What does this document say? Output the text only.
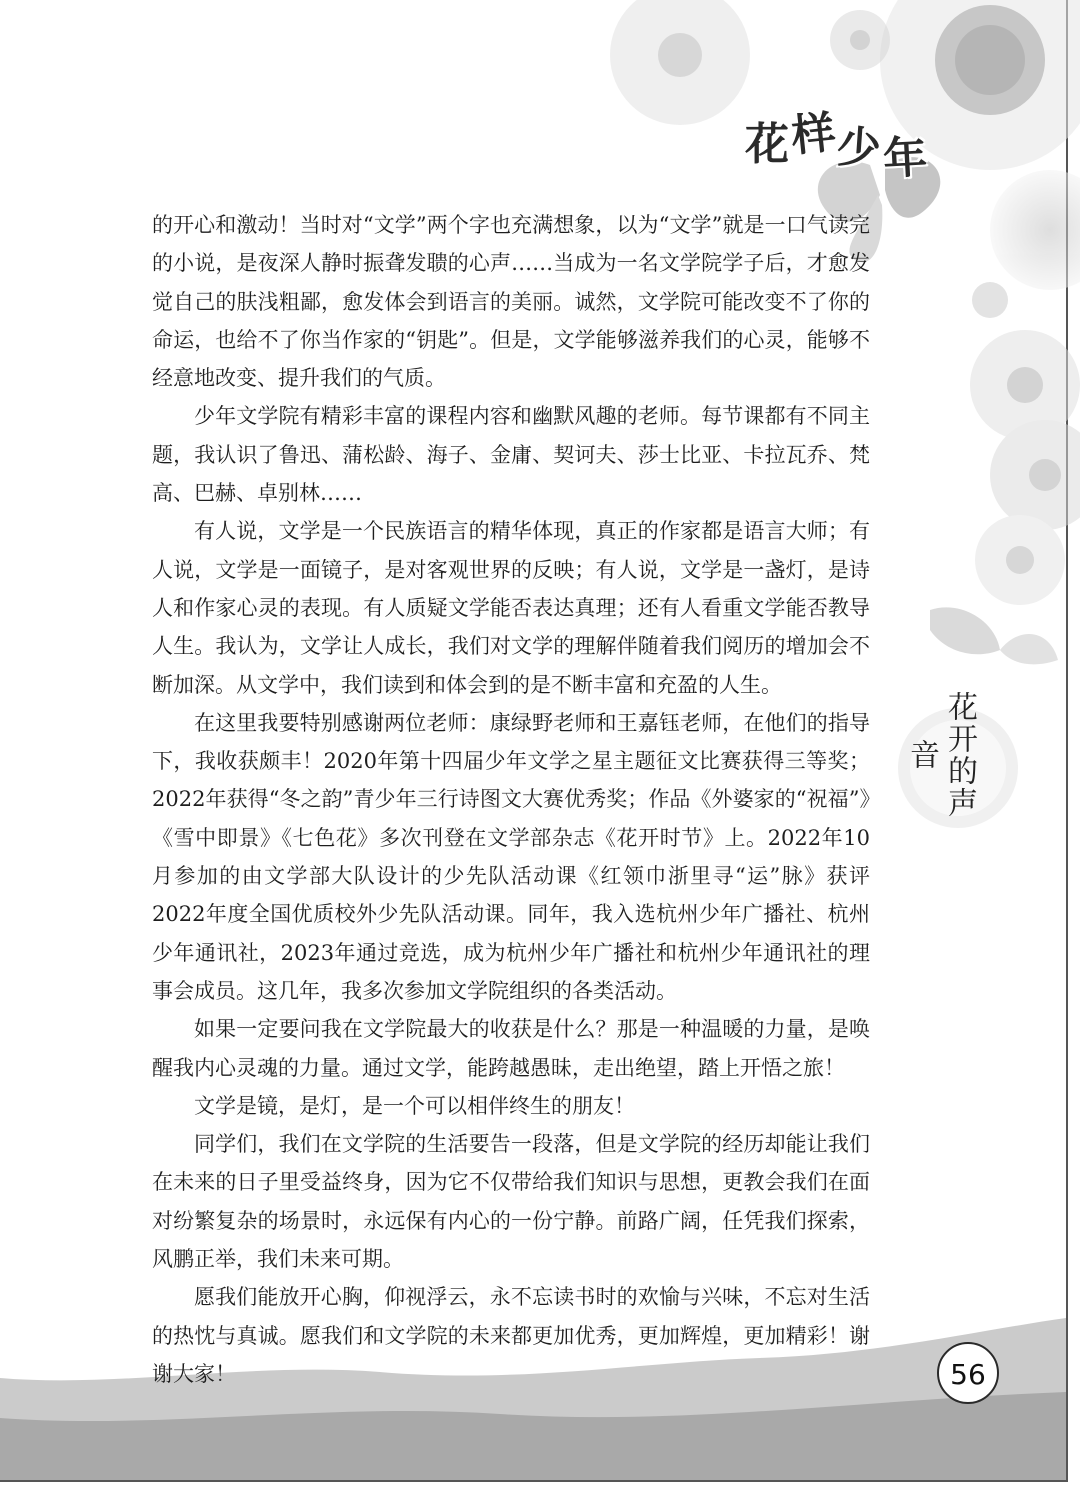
花样少年
花开的声音

的开心和激动！当时对“文学”两个字也充满想象，以为“文学”就是一口气读完的小说，是夜深人静时振聋发聩的心声……当成为一名文学院学子后，才愈发觉自己的肤浅粗鄙，愈发体会到语言的美丽。诚然，文学院可能改变不了你的命运，也给不了你当作家的“钥匙”。但是，文学能够滋养我们的心灵，能够不经意地改变、提升我们的气质。

少年文学院有精彩丰富的课程内容和幽默风趣的老师。每节课都有不同主题，我认识了鲁迅、蒲松龄、海子、金庸、契诃夫、莎士比亚、卡拉瓦乔、梵高、巴赫、卓别林……

有人说，文学是一个民族语言的精华体现，真正的作家都是语言大师；有人说，文学是一面镜子，是对客观世界的反映；有人说，文学是一盏灯，是诗人和作家心灵的表现。有人质疑文学能否表达真理；还有人看重文学能否教导人生。我认为，文学让人成长，我们对文学的理解伴随着我们阅历的增加会不断加深。从文学中，我们读到和体会到的是不断丰富和充盈的人生。

在这里我要特别感谢两位老师：康绿野老师和王嘉钰老师，在他们的指导下，我收获颇丰！2020年第十四届少年文学之星主题征文比赛获得三等奖；2022年获得“冬之韵”青少年三行诗图文大赛优秀奖；作品《外婆家的“祝福”》《雪中即景》《七色花》多次刊登在文学部杂志《花开时节》上。2022年10月参加的由文学部大队设计的少先队活动课《红领巾浙里寻“运”脉》获评2022年度全国优质校外少先队活动课。同年，我入选杭州少年广播社、杭州少年通讯社，2023年通过竞选，成为杭州少年广播社和杭州少年通讯社的理事会成员。这几年，我多次参加文学院组织的各类活动。

如果一定要问我在文学院最大的收获是什么？那是一种温暖的力量，是唤醒我内心灵魂的力量。通过文学，能跨越愚昧，走出绝望，踏上开悟之旅！

文学是镜，是灯，是一个可以相伴终生的朋友！

同学们，我们在文学院的生活要告一段落，但是文学院的经历却能让我们在未来的日子里受益终身，因为它不仅带给我们知识与思想，更教会我们在面对纷繁复杂的场景时，永远保有内心的一份宁静。前路广阔，任凭我们探索，风鹏正举，我们未来可期。

愿我们能放开心胸，仰视浮云，永不忘读书时的欢愉与兴味，不忘对生活的热忱与真诚。愿我们和文学院的未来都更加优秀，更加辉煌，更加精彩！谢谢大家！	56
